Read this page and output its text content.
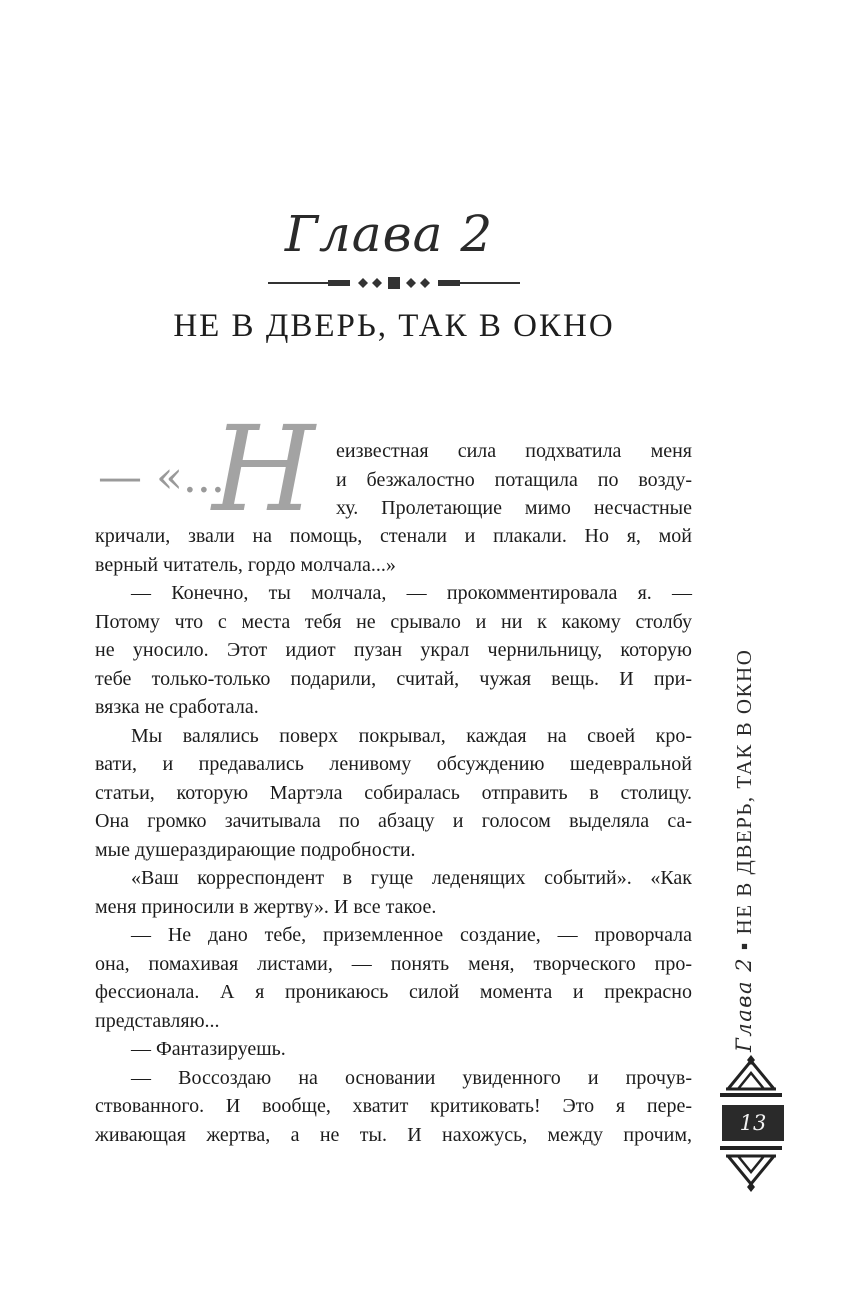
Глава 2
НЕ В ДВЕРЬ, ТАК В ОКНО
— «...
Н еизвестная сила подхватила меня
и безжалостно потащила по возду-
ху. Пролетающие мимо несчастные
кричали, звали на помощь, стенали и плакали. Но я, мой
верный читатель, гордо молчала...»
— Конечно, ты молчала, — прокомментировала я. —
Потому что с места тебя не срывало и ни к какому столбу
не уносило. Этот идиот пузан украл чернильницу, которую
тебе только-только подарили, считай, чужая вещь. И при-
вязка не сработала.
Мы валялись поверх покрывал, каждая на своей кро-
вати, и предавались ленивому обсуждению шедевральной
статьи, которую Мартэла собиралась отправить в столицу.
Она громко зачитывала по абзацу и голосом выделяла са-
мые душераздирающие подробности.
«Ваш корреспондент в гуще леденящих событий». «Как
меня приносили в жертву». И все такое.
— Не дано тебе, приземленное создание, — проворчала
она, помахивая листами, — понять меня, творческого про-
фессионала. А я проникаюсь силой момента и прекрасно
представляю...
— Фантазируешь.
— Воссоздаю на основании увиденного и прочув-
ствованного. И вообще, хватит критиковать! Это я пере-
живающая жертва, а не ты. И нахожусь, между прочим,
Глава 2 ▪ НЕ В ДВЕРЬ, ТАК В ОКНО
13
